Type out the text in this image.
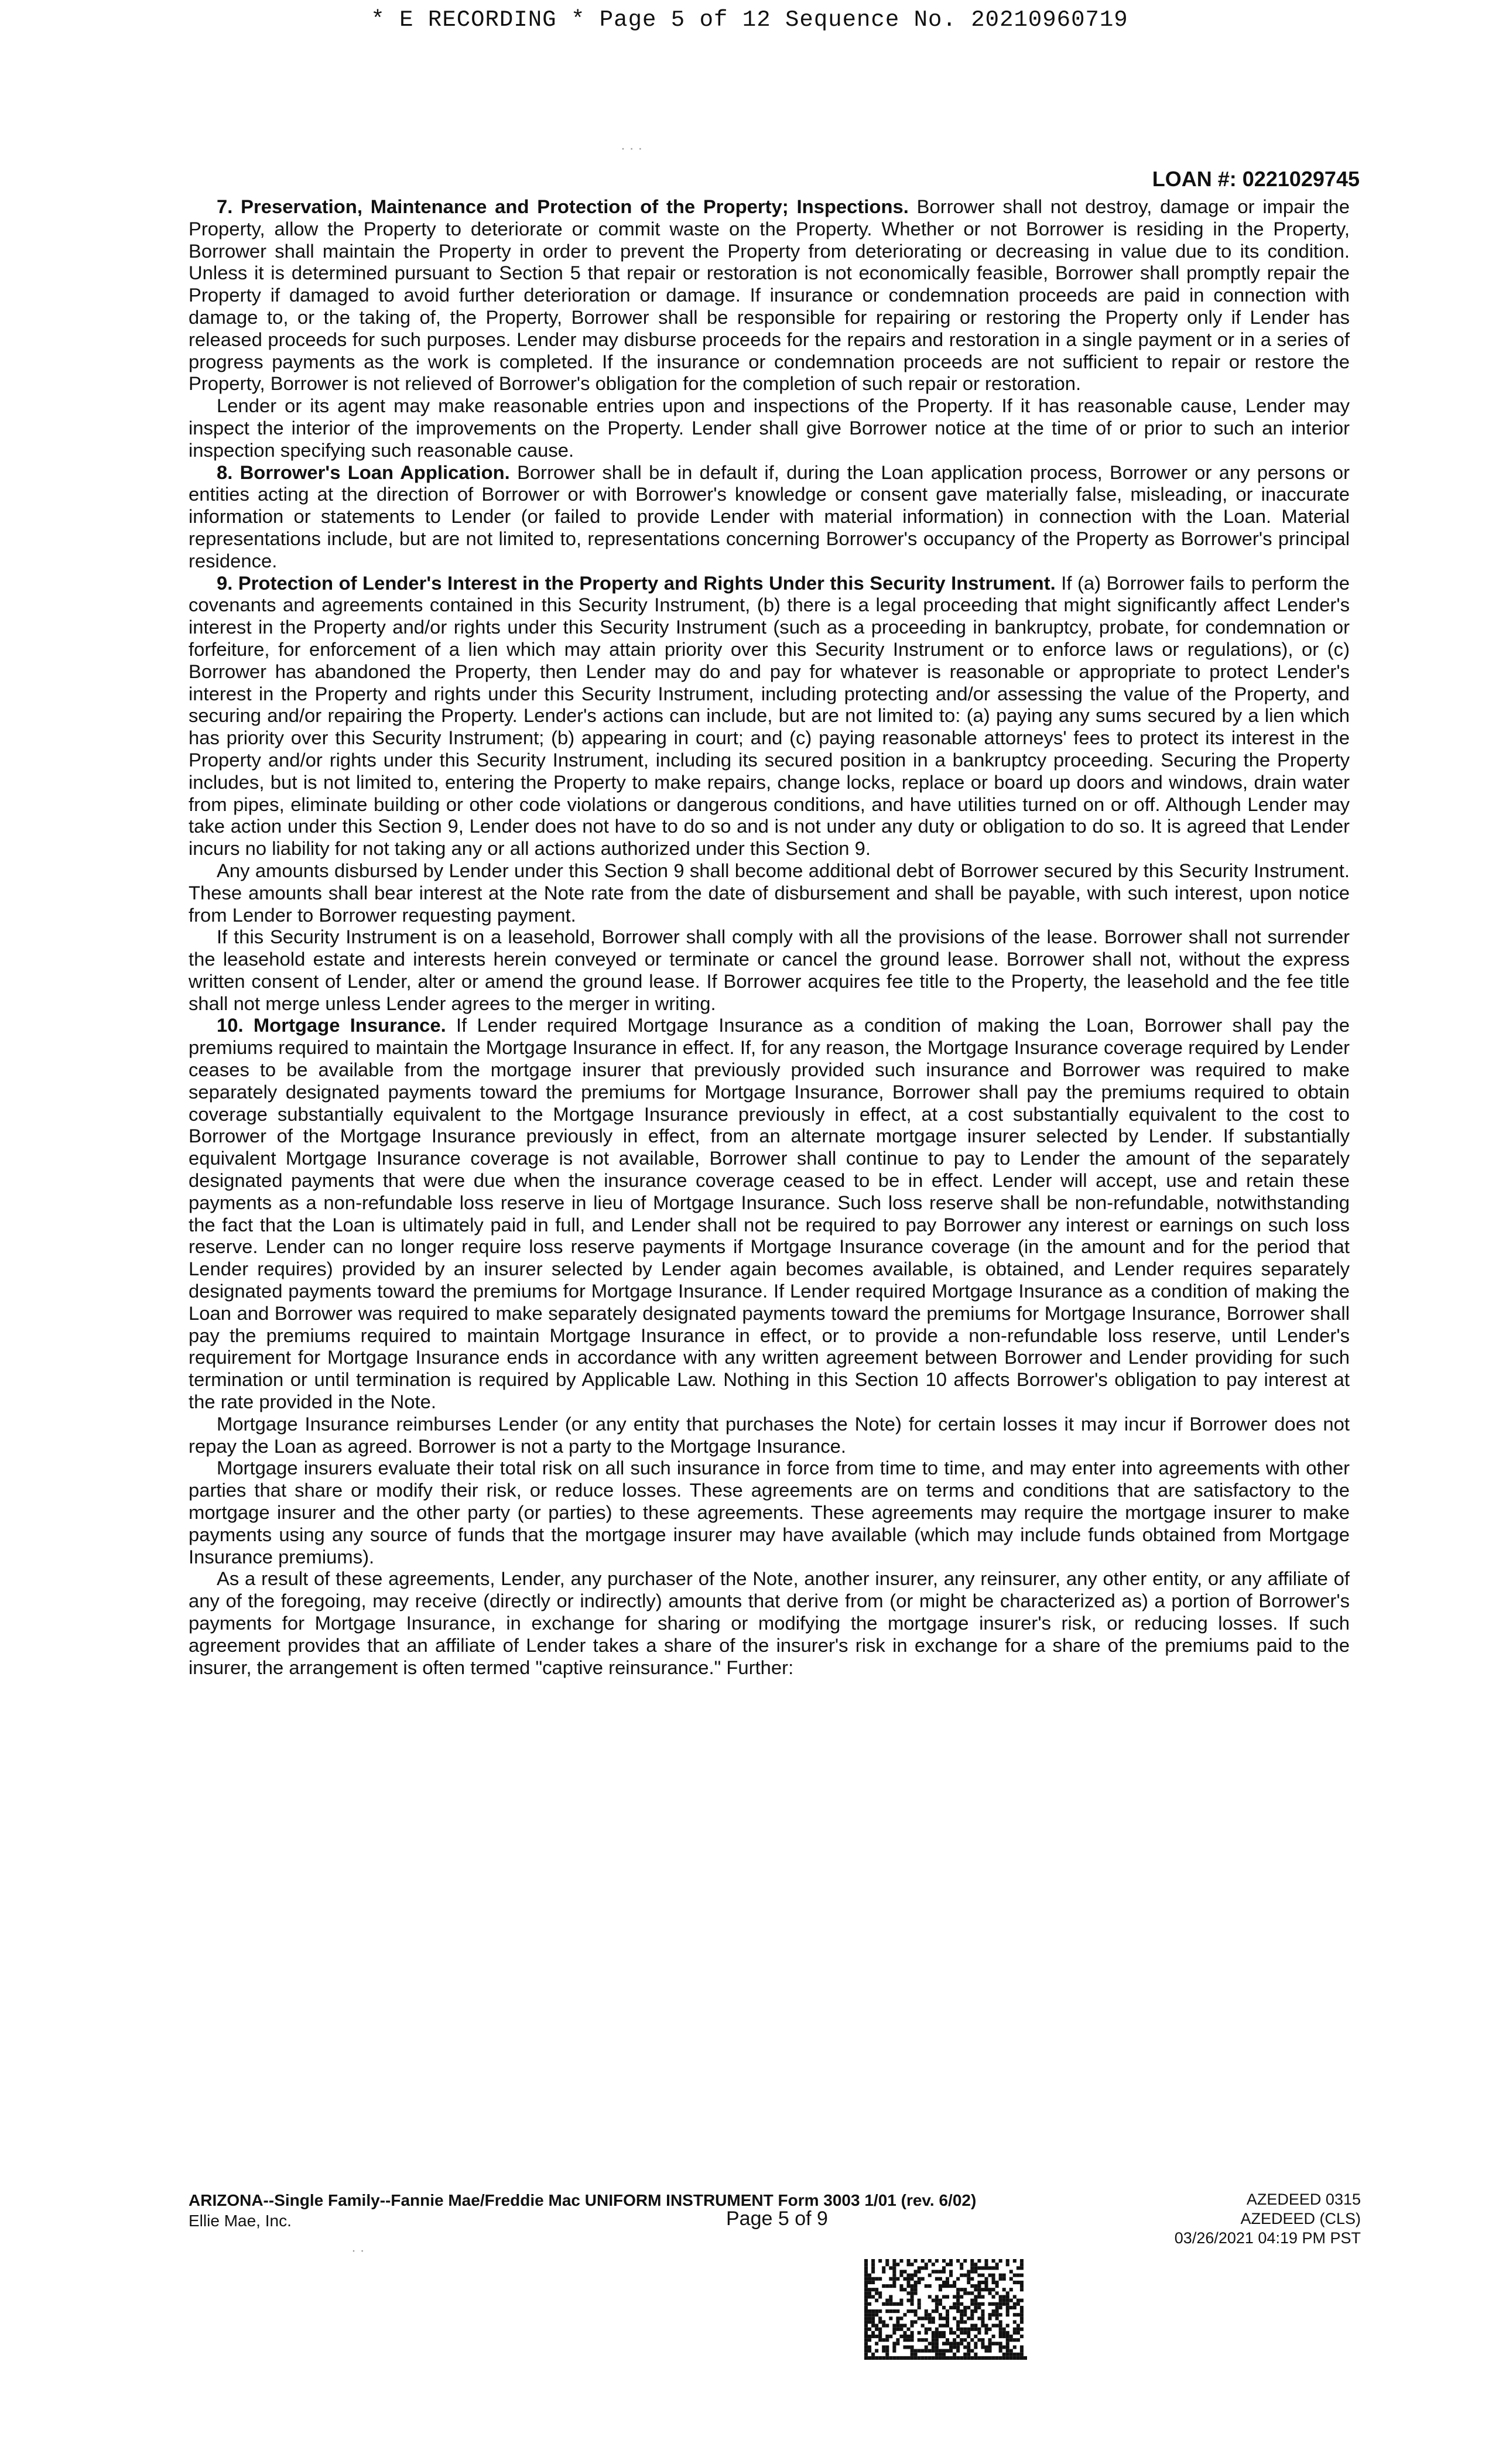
* E RECORDING * Page 5 of 12 Sequence No. 20210960719
· · ·
LOAN #: 0221029745

7. Preservation, Maintenance and Protection of the Property; Inspections. Borrower shall not destroy, damage or impair the Property, allow the Property to deteriorate or commit waste on the Property. Whether or not Borrower is residing in the Property, Borrower shall maintain the Property in order to prevent the Property from deteriorating or decreasing in value due to its condition. Unless it is determined pursuant to Section 5 that repair or restoration is not economically feasible, Borrower shall promptly repair the Property if damaged to avoid further deterioration or damage. If insurance or condemnation proceeds are paid in connection with damage to, or the taking of, the Property, Borrower shall be responsible for repairing or restoring the Property only if Lender has released proceeds for such purposes. Lender may disburse proceeds for the repairs and restoration in a single payment or in a series of progress payments as the work is completed. If the insurance or condemnation proceeds are not sufficient to repair or restore the Property, Borrower is not relieved of Borrower's obligation for the completion of such repair or restoration.

Lender or its agent may make reasonable entries upon and inspections of the Property. If it has reasonable cause, Lender may inspect the interior of the improvements on the Property. Lender shall give Borrower notice at the time of or prior to such an interior inspection specifying such reasonable cause.

8. Borrower's Loan Application. Borrower shall be in default if, during the Loan application process, Borrower or any persons or entities acting at the direction of Borrower or with Borrower's knowledge or consent gave materially false, misleading, or inaccurate information or statements to Lender (or failed to provide Lender with material information) in connection with the Loan. Material representations include, but are not limited to, representations concerning Borrower's occupancy of the Property as Borrower's principal residence.

9. Protection of Lender's Interest in the Property and Rights Under this Security Instrument. If (a) Borrower fails to perform the covenants and agreements contained in this Security Instrument, (b) there is a legal proceeding that might significantly affect Lender's interest in the Property and/or rights under this Security Instrument (such as a proceeding in bankruptcy, probate, for condemnation or forfeiture, for enforcement of a lien which may attain priority over this Security Instrument or to enforce laws or regulations), or (c) Borrower has abandoned the Property, then Lender may do and pay for whatever is reasonable or appropriate to protect Lender's interest in the Property and rights under this Security Instrument, including protecting and/or assessing the value of the Property, and securing and/or repairing the Property. Lender's actions can include, but are not limited to: (a) paying any sums secured by a lien which has priority over this Security Instrument; (b) appearing in court; and (c) paying reasonable attorneys' fees to protect its interest in the Property and/or rights under this Security Instrument, including its secured position in a bankruptcy proceeding. Securing the Property includes, but is not limited to, entering the Property to make repairs, change locks, replace or board up doors and windows, drain water from pipes, eliminate building or other code violations or dangerous conditions, and have utilities turned on or off. Although Lender may take action under this Section 9, Lender does not have to do so and is not under any duty or obligation to do so. It is agreed that Lender incurs no liability for not taking any or all actions authorized under this Section 9.

Any amounts disbursed by Lender under this Section 9 shall become additional debt of Borrower secured by this Security Instrument. These amounts shall bear interest at the Note rate from the date of disbursement and shall be payable, with such interest, upon notice from Lender to Borrower requesting payment.

If this Security Instrument is on a leasehold, Borrower shall comply with all the provisions of the lease. Borrower shall not surrender the leasehold estate and interests herein conveyed or terminate or cancel the ground lease. Borrower shall not, without the express written consent of Lender, alter or amend the ground lease. If Borrower acquires fee title to the Property, the leasehold and the fee title shall not merge unless Lender agrees to the merger in writing.

10. Mortgage Insurance. If Lender required Mortgage Insurance as a condition of making the Loan, Borrower shall pay the premiums required to maintain the Mortgage Insurance in effect. If, for any reason, the Mortgage Insurance coverage required by Lender ceases to be available from the mortgage insurer that previously provided such insurance and Borrower was required to make separately designated payments toward the premiums for Mortgage Insurance, Borrower shall pay the premiums required to obtain coverage substantially equivalent to the Mortgage Insurance previously in effect, at a cost substantially equivalent to the cost to Borrower of the Mortgage Insurance previously in effect, from an alternate mortgage insurer selected by Lender. If substantially equivalent Mortgage Insurance coverage is not available, Borrower shall continue to pay to Lender the amount of the separately designated payments that were due when the insurance coverage ceased to be in effect. Lender will accept, use and retain these payments as a non-refundable loss reserve in lieu of Mortgage Insurance. Such loss reserve shall be non-refundable, notwithstanding the fact that the Loan is ultimately paid in full, and Lender shall not be required to pay Borrower any interest or earnings on such loss reserve. Lender can no longer require loss reserve payments if Mortgage Insurance coverage (in the amount and for the period that Lender requires) provided by an insurer selected by Lender again becomes available, is obtained, and Lender requires separately designated payments toward the premiums for Mortgage Insurance. If Lender required Mortgage Insurance as a condition of making the Loan and Borrower was required to make separately designated payments toward the premiums for Mortgage Insurance, Borrower shall pay the premiums required to maintain Mortgage Insurance in effect, or to provide a non-refundable loss reserve, until Lender's requirement for Mortgage Insurance ends in accordance with any written agreement between Borrower and Lender providing for such termination or until termination is required by Applicable Law. Nothing in this Section 10 affects Borrower's obligation to pay interest at the rate provided in the Note.

Mortgage Insurance reimburses Lender (or any entity that purchases the Note) for certain losses it may incur if Borrower does not repay the Loan as agreed. Borrower is not a party to the Mortgage Insurance.

Mortgage insurers evaluate their total risk on all such insurance in force from time to time, and may enter into agreements with other parties that share or modify their risk, or reduce losses. These agreements are on terms and conditions that are satisfactory to the mortgage insurer and the other party (or parties) to these agreements. These agreements may require the mortgage insurer to make payments using any source of funds that the mortgage insurer may have available (which may include funds obtained from Mortgage Insurance premiums).

As a result of these agreements, Lender, any purchaser of the Note, another insurer, any reinsurer, any other entity, or any affiliate of any of the foregoing, may receive (directly or indirectly) amounts that derive from (or might be characterized as) a portion of Borrower's payments for Mortgage Insurance, in exchange for sharing or modifying the mortgage insurer's risk, or reducing losses. If such agreement provides that an affiliate of Lender takes a share of the insurer's risk in exchange for a share of the premiums paid to the insurer, the arrangement is often termed "captive reinsurance." Further:

ARIZONA--Single Family--Fannie Mae/Freddie Mac UNIFORM INSTRUMENT Form 3003 1/01 (rev. 6/02)
Ellie Mae, Inc.	Page 5 of 9
AZEDEED 0315
AZEDEED (CLS)
03/26/2021 04:19 PM PST
· ·
